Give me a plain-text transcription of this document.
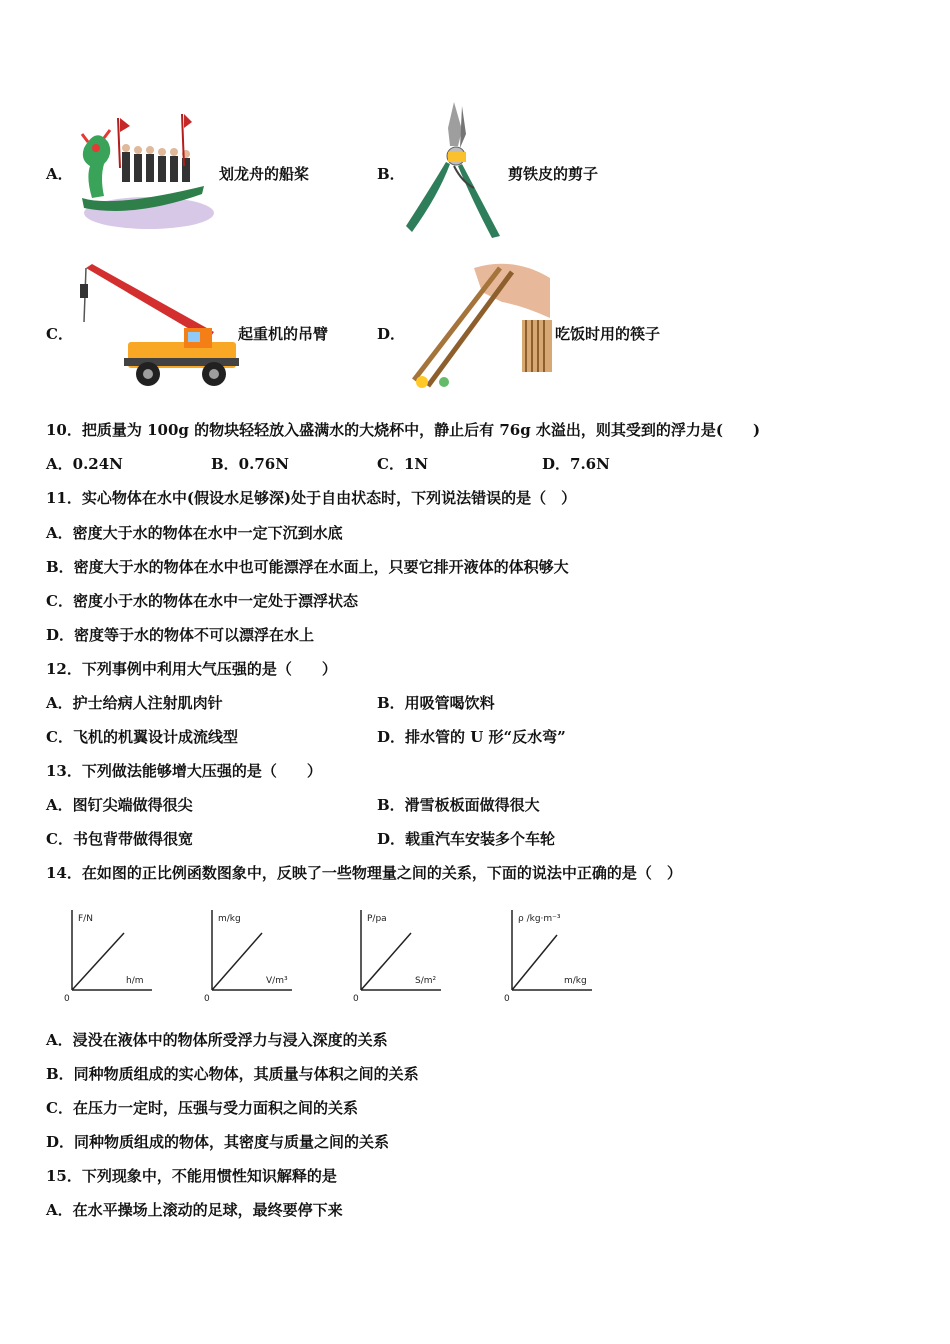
A．	划龙舟的船桨	B．	剪铁皮的剪子
C．	起重机的吊臂	D．	吃饭时用的筷子
10．把质量为 100g 的物块轻轻放入盛满水的大烧杯中，静止后有 76g 水溢出，则其受到的浮力是(　　)
A．0.24N	B．0.76N	C．1N	D．7.6N
11．实心物体在水中(假设水足够深)处于自由状态时，下列说法错误的是（　）
A．密度大于水的物体在水中一定下沉到水底
B．密度大于水的物体在水中也可能漂浮在水面上，只要它排开液体的体积够大
C．密度小于水的物体在水中一定处于漂浮状态
D．密度等于水的物体不可以漂浮在水上
12．下列事例中利用大气压强的是（　　）
A．护士给病人注射肌肉针	B．用吸管喝饮料
C．飞机的机翼设计成流线型	D．排水管的 U 形“反水弯”
13．下列做法能够增大压强的是（　　）
A．图钉尖端做得很尖	B．滑雪板板面做得很大
C．书包背带做得很宽	D．载重汽车安装多个车轮
14．在如图的正比例函数图象中，反映了一些物理量之间的关系，下面的说法中正确的是（　）
F/N
h/m
0
m/kg
V/m³
0
P/pa
S/m²
0
ρ /kg·m⁻³
m/kg
0
A．浸没在液体中的物体所受浮力与浸入深度的关系
B．同种物质组成的实心物体，其质量与体积之间的关系
C．在压力一定时，压强与受力面积之间的关系
D．同种物质组成的物体，其密度与质量之间的关系
15．下列现象中，不能用惯性知识解释的是
A．在水平操场上滚动的足球，最终要停下来
